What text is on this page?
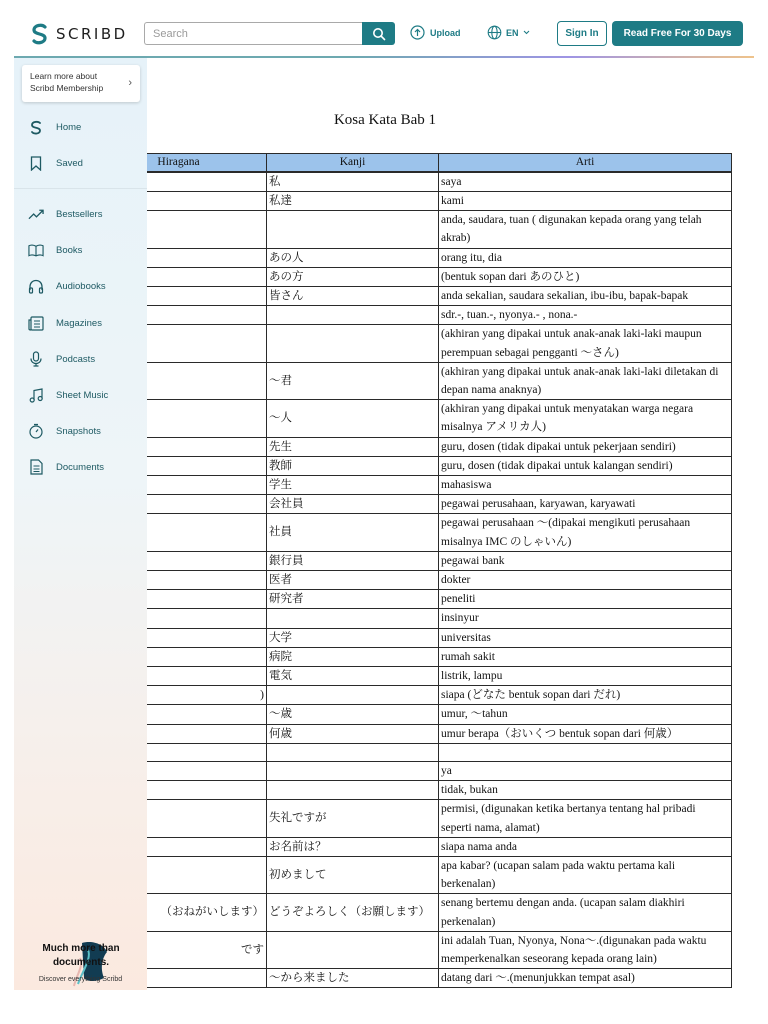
Kosa Kata Bab 1
Hiragana	Kanji	Arti
	私	saya
	私達	kami
		anda, saudara, tuan ( digunakan kepada orang yang telah akrab)
	あの人	orang itu, dia
	あの方	(bentuk sopan dari あのひと)
	皆さん	anda sekalian, saudara sekalian, ibu-ibu, bapak-bapak
		sdr.-, tuan.-, nyonya.- , nona.-
		(akhiran yang dipakai untuk anak-anak laki-laki maupun perempuan sebagai pengganti ～さん)
	～君	(akhiran yang dipakai untuk anak-anak laki-laki diletakan di depan nama anaknya)
	～人	(akhiran yang dipakai untuk menyatakan warga negara misalnya アメリカ人)
	先生	guru, dosen (tidak dipakai untuk pekerjaan sendiri)
	教師	guru, dosen (tidak dipakai untuk kalangan sendiri)
	学生	mahasiswa
	会社員	pegawai perusahaan, karyawan, karyawati
	社員	pegawai perusahaan ～(dipakai mengikuti perusahaan misalnya IMC のしゃいん)
	銀行員	pegawai bank
	医者	dokter
	研究者	peneliti
		insinyur
	大学	universitas
	病院	rumah sakit
	電気	listrik, lampu
)		siapa (どなた bentuk sopan dari だれ)
	～歳	umur, ～tahun
	何歳	umur berapa（おいくつ bentuk sopan dari 何歳）

		ya
		tidak, bukan
	失礼ですが	permisi, (digunakan ketika bertanya tentang hal pribadi seperti nama, alamat)
	お名前は？	siapa nama anda
	初めまして	apa kabar? (ucapan salam pada waktu pertama kali berkenalan)
（おねがいします）	どうぞよろしく（お願します）	senang bertemu dengan anda. (ucapan salam diakhiri perkenalan)
です		ini adalah Tuan, Nyonya, Nona～.(digunakan pada waktu memperkenalkan seseorang kepada orang lain)
	～から来ました	datang dari ～.(menunjukkan tempat asal)
SCRIBD
Search	Upload	EN	Sign In	Read Free For 30 Days
Learn more about
Scribd Membership	›
Home
Saved
Bestsellers
Books
Audiobooks
Magazines
Podcasts
Sheet Music
Snapshots
Documents
Much more than documents.
Discover everything Scribd
